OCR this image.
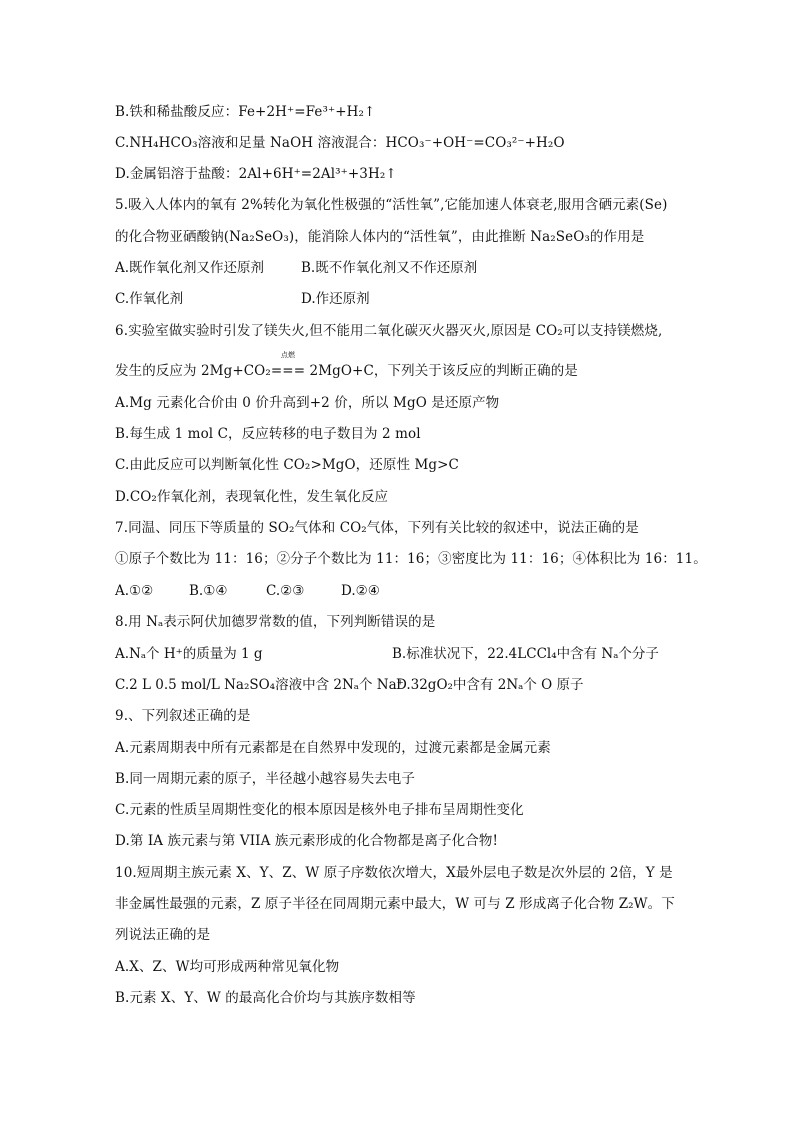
B.铁和稀盐酸反应：Fe+2H⁺=Fe³⁺+H₂↑
C.NH₄HCO₃溶液和足量 NaOH 溶液混合：HCO₃⁻+OH⁻=CO₃²⁻+H₂O
D.金属铝溶于盐酸：2Al+6H⁺=2Al³⁺+3H₂↑
5.吸入人体内的氧有 2%转化为氧化性极强的“活性氧”,它能加速人体衰老,服用含硒元素(Se)
的化合物亚硒酸钠(Na₂SeO₃)，能消除人体内的“活性氧”，由此推断 Na₂SeO₃的作用是
A.既作氧化剂又作还原剂	B.既不作氧化剂又不作还原剂
C.作氧化剂	D.作还原剂
6.实验室做实验时引发了镁失火,但不能用二氧化碳灭火器灭火,原因是 CO₂可以支持镁燃烧,
发生的反应为 2Mg+CO₂
点燃
=== 2MgO+C，下列关于该反应的判断正确的是
A.Mg 元素化合价由 0 价升高到+2 价，所以 MgO 是还原产物
B.每生成 1 mol C，反应转移的电子数目为 2 mol
C.由此反应可以判断氧化性 CO₂>MgO，还原性 Mg>C
D.CO₂作氧化剂，表现氧化性，发生氧化反应
7.同温、同压下等质量的 SO₂气体和 CO₂气体，下列有关比较的叙述中，说法正确的是
①原子个数比为 11：16；②分子个数比为 11：16；③密度比为 11：16；④体积比为 16：11。
A.①②	B.①④	C.②③	D.②④
8.用 Nₐ表示阿伏加德罗常数的值，下列判断错误的是
A.Nₐ个 H⁺的质量为 1 g	B.标准状况下，22.4LCCl₄中含有 Nₐ个分子
C.2 L 0.5 mol/L Na₂SO₄溶液中含 2Nₐ个 Na⁺
D.32gO₂中含有 2Nₐ个 O 原子
9.、下列叙述正确的是
A.元素周期表中所有元素都是在自然界中发现的，过渡元素都是金属元素
B.同一周期元素的原子，半径越小越容易失去电子
C.元素的性质呈周期性变化的根本原因是核外电子排布呈周期性变化
D.第 IA 族元素与第 VIIA 族元素形成的化合物都是离子化合物!
10.短周期主族元素 X、Y、Z、W 原子序数依次增大，X最外层电子数是次外层的 2倍，Y 是
非金属性最强的元素，Z 原子半径在同周期元素中最大，W 可与 Z 形成离子化合物 Z₂W。下
列说法正确的是
A.X、Z、W均可形成两种常见氧化物
B.元素 X、Y、W 的最高化合价均与其族序数相等
